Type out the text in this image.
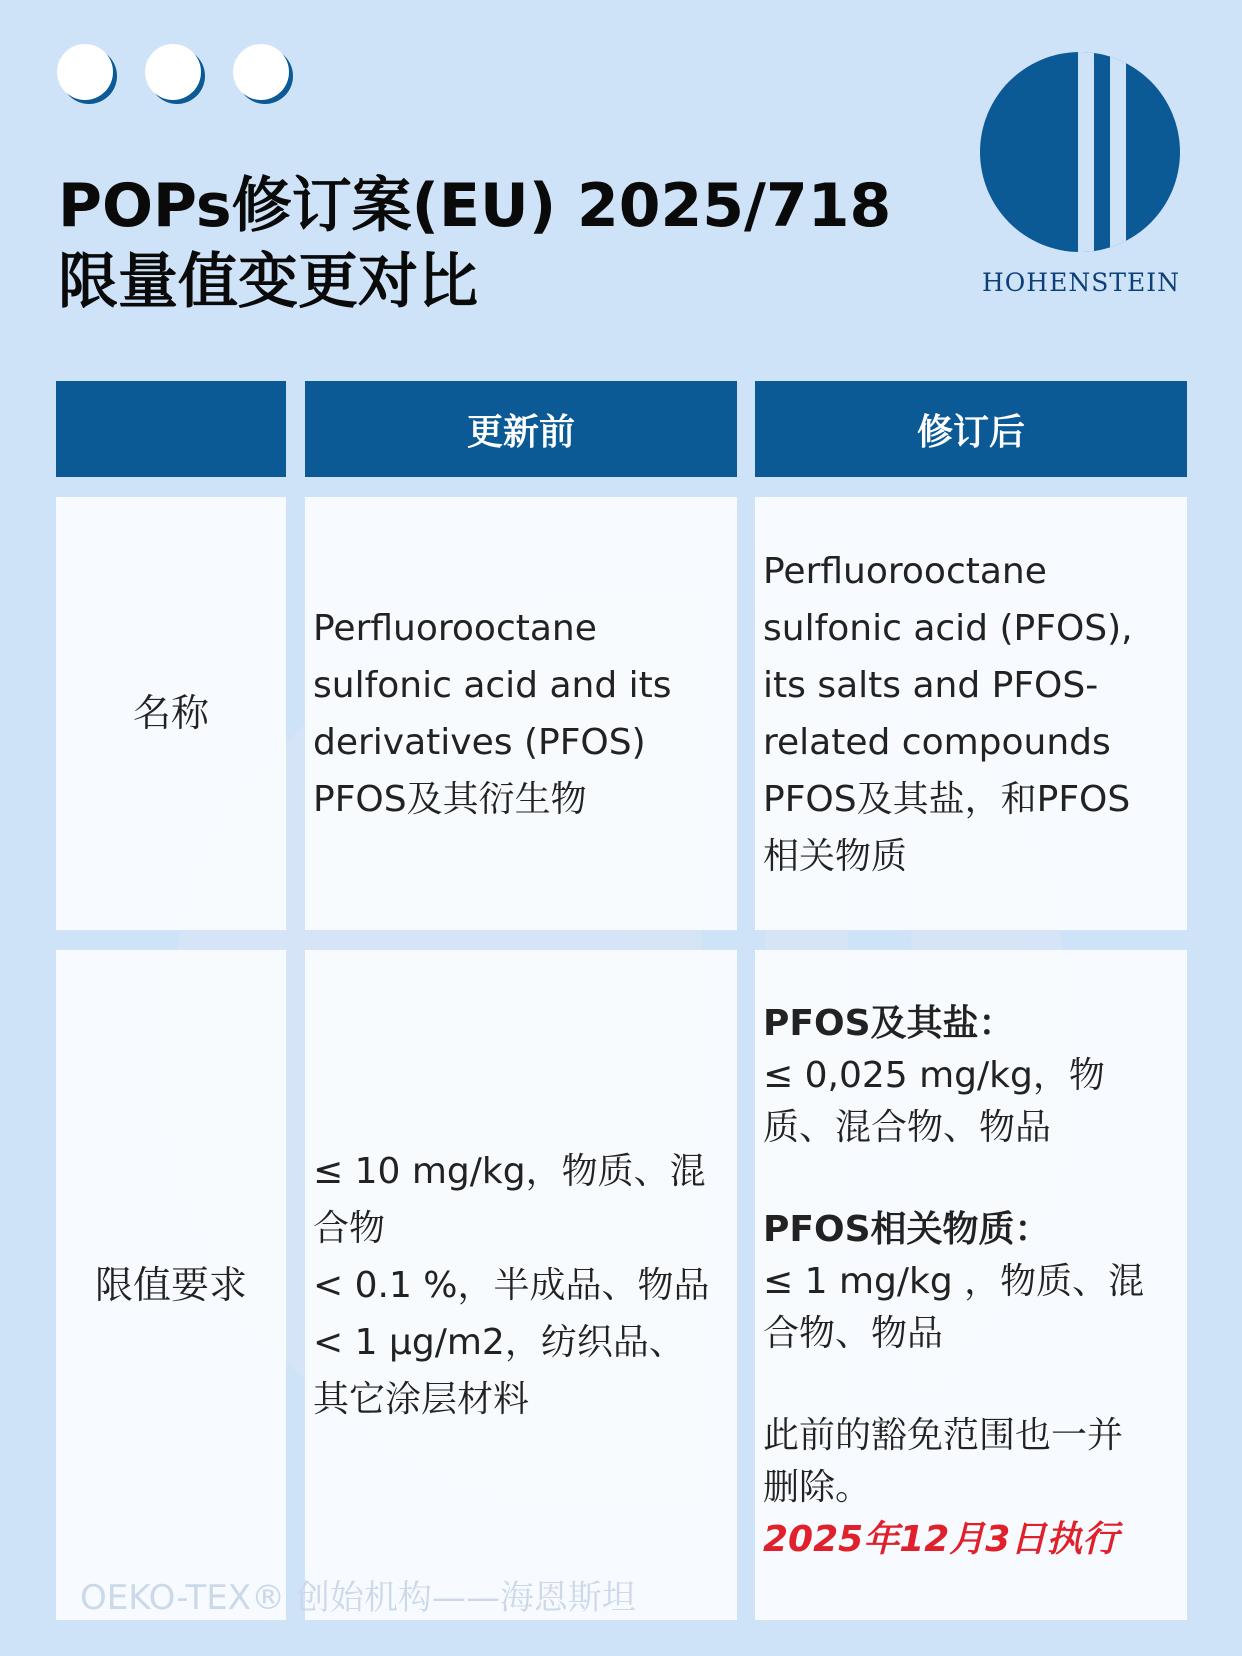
POPs修订案(EU) 2025/718
限量值变更对比	HOHENSTEIN
更新前	修订后
名称
Perfluorooctane
sulfonic acid and its
derivatives (PFOS)
PFOS及其衍生物
Perfluorooctane
sulfonic acid (PFOS),
its salts and PFOS-
related compounds
PFOS及其盐，和PFOS
相关物质
限值要求
≤ 10 mg/kg，物质、混
合物
< 0.1 %，半成品、物品
< 1 µg/m2，纺织品、
其它涂层材料
PFOS及其盐：
≤ 0,025 mg/kg，物
质、混合物、物品
PFOS相关物质：
≤ 1 mg/kg ，物质、混
合物、物品
此前的豁免范围也一并
删除。
2025年12月3日执行
OEKO-TEX® 创始机构——海恩斯坦
